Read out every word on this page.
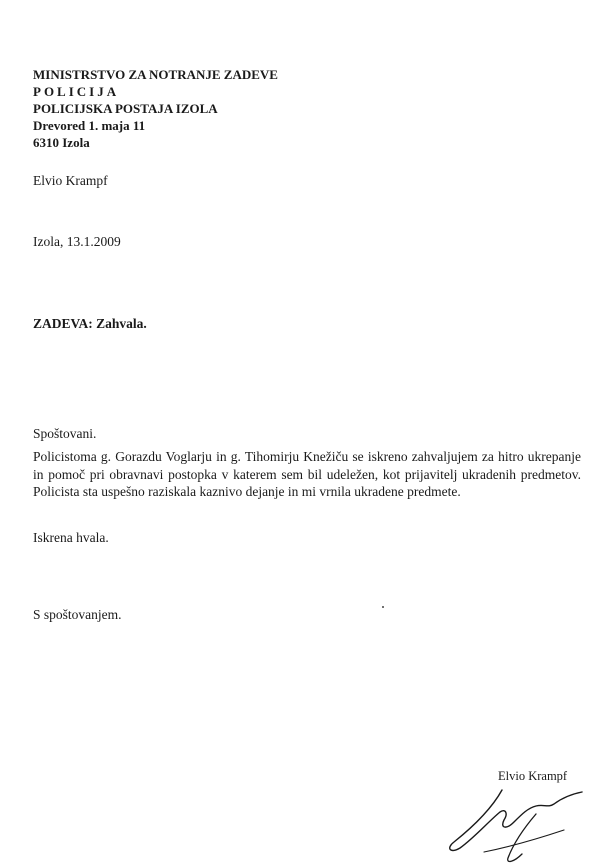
MINISTRSTVO ZA NOTRANJE ZADEVE
POLICIJA
POLICIJSKA POSTAJA IZOLA
Drevored 1. maja 11
6310 Izola
Elvio Krampf
Izola, 13.1.2009
ZADEVA: Zahvala.
Spoštovani.
Policistoma g. Gorazdu Voglarju in g. Tihomirju Knežiču se iskreno zahvaljujem za hitro ukrepanje in pomoč pri obravnavi postopka v katerem sem bil udeležen, kot prijavitelj ukradenih predmetov. Policista sta uspešno raziskala kaznivo dejanje in mi vrnila ukradene predmete.
Iskrena hvala.
S spoštovanjem.
Elvio Krampf
